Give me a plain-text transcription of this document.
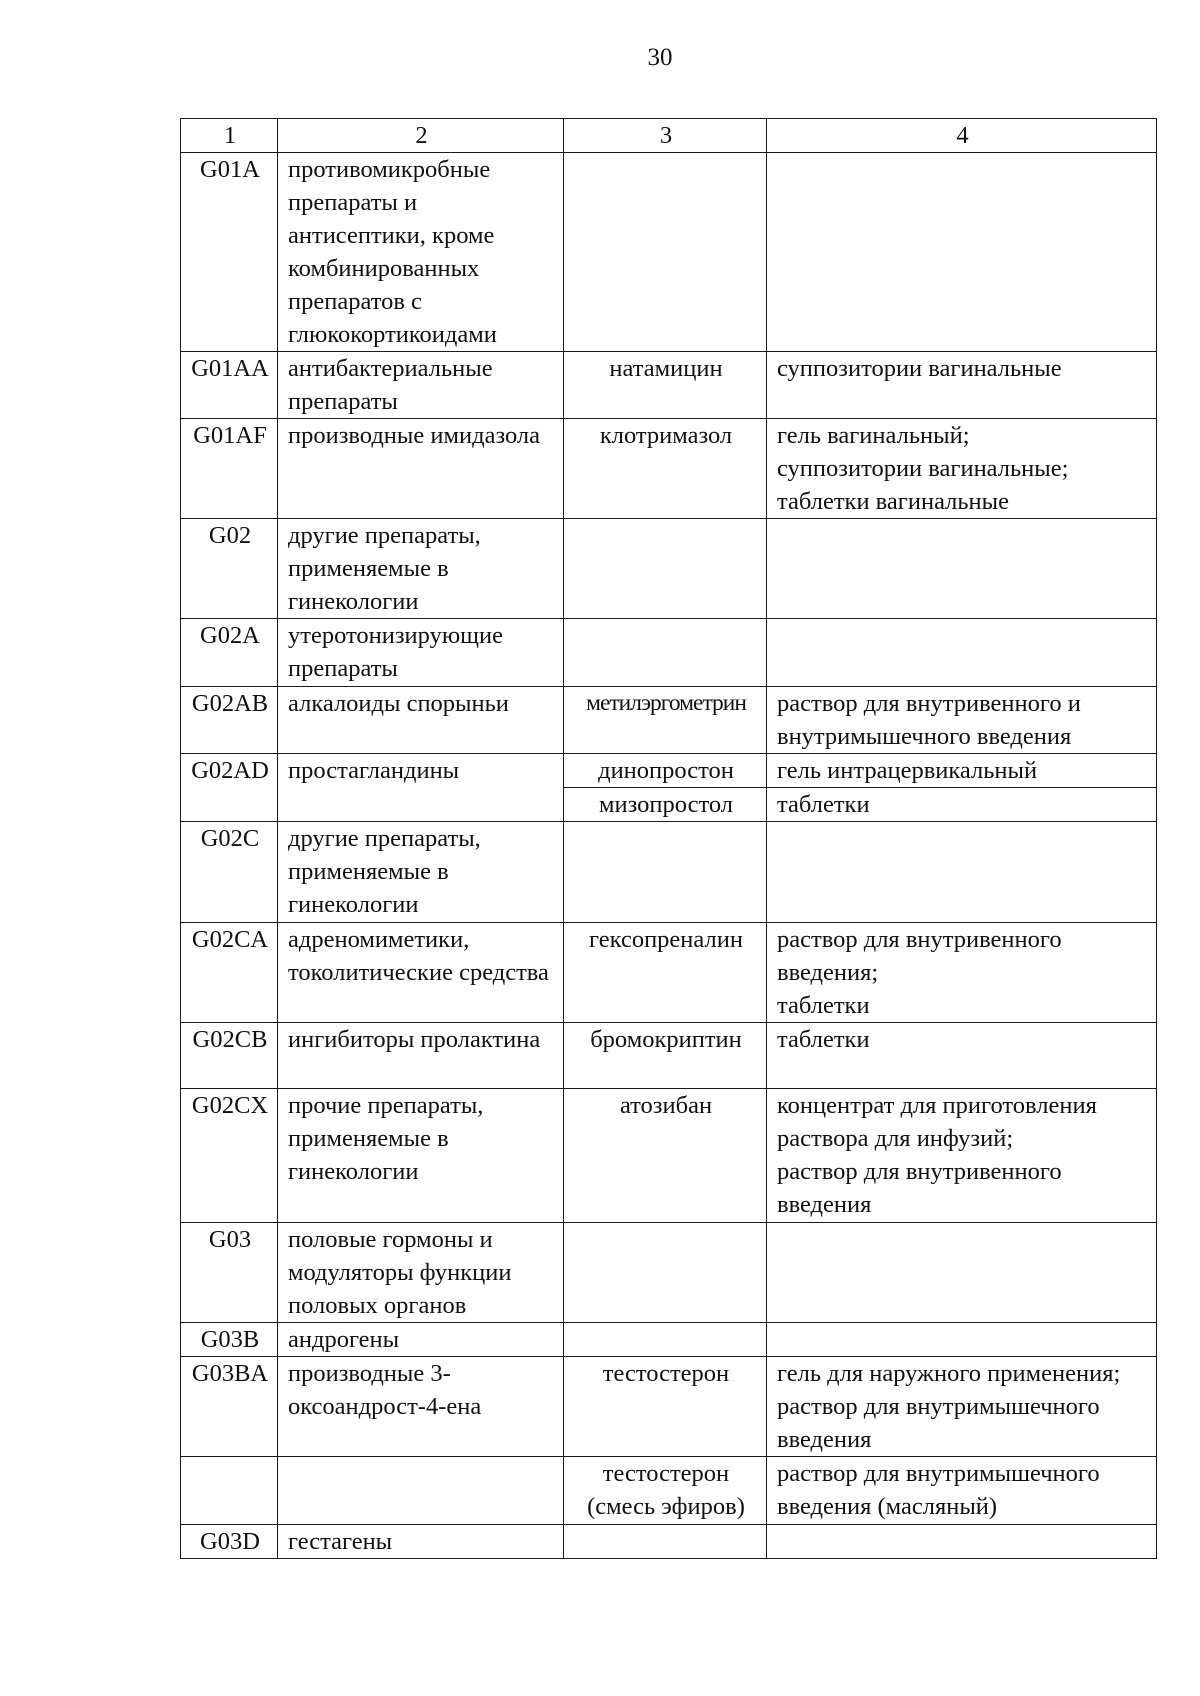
30
1	2	3	4
G01A	противомикробные препараты и антисептики, кроме комбинированных препаратов с глюкокортикоидами		
G01AA	антибактериальные препараты	натамицин	суппозитории вагинальные
G01AF	производные имидазола	клотримазол	гель вагинальный;
суппозитории вагинальные;
таблетки вагинальные
G02	другие препараты, применяемые в гинекологии		
G02A	утеротонизирующие препараты		
G02AB	алкалоиды спорыньи	метилэргометрин	раствор для внутривенного и внутримышечного введения
G02AD	простагландины	динопростон	гель интрацервикальный
		мизопростол	таблетки
G02C	другие препараты, применяемые в гинекологии		
G02CA	адреномиметики, токолитические средства	гексопреналин	раствор для внутривенного введения;
таблетки
G02CB	ингибиторы пролактина	бромокриптин	таблетки
G02CX	прочие препараты, применяемые в гинекологии	атозибан	концентрат для приготовления раствора для инфузий;
раствор для внутривенного введения
G03	половые гормоны и модуляторы функции половых органов		
G03B	андрогены		
G03BA	производные 3-оксоандрост-4-ена	тестостерон	гель для наружного применения;
раствор для внутримышечного введения
		тестостерон (смесь эфиров)	раствор для внутримышечного введения (масляный)
G03D	гестагены		
